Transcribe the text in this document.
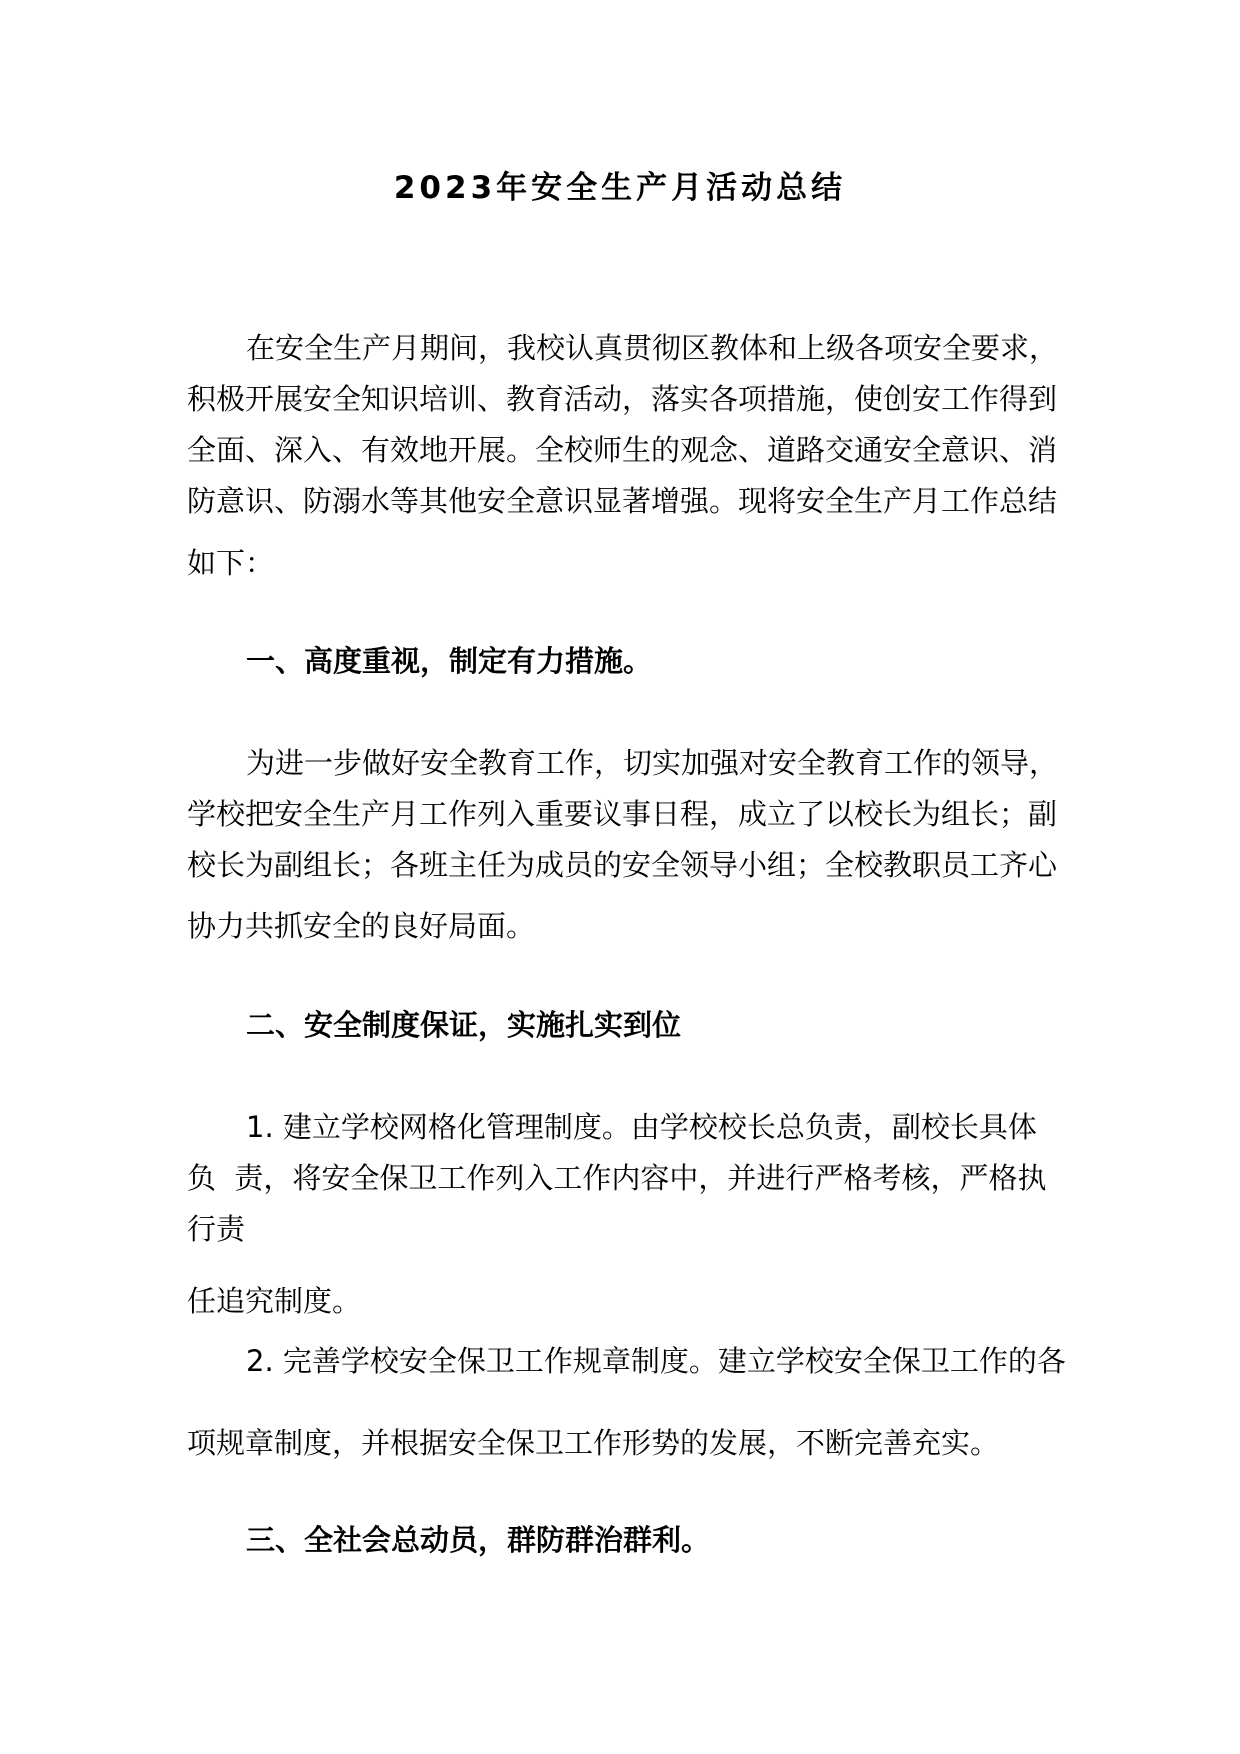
2023年安全生产月活动总结
在安全生产月期间，我校认真贯彻区教体和上级各项安全要求，
积极开展安全知识培训、教育活动，落实各项措施，使创安工作得到
全面、深入、有效地开展。全校师生的观念、道路交通安全意识、消
防意识、防溺水等其他安全意识显著增强。现将安全生产月工作总结
如下：
一、高度重视，制定有力措施。
为进一步做好安全教育工作，切实加强对安全教育工作的领导，
学校把安全生产月工作列入重要议事日程，成立了以校长为组长；副
校长为副组长；各班主任为成员的安全领导小组；全校教职员工齐心
协力共抓安全的良好局面。
二、安全制度保证，实施扎实到位
1. 建立学校网格化管理制度。由学校校长总负责，副校长具体
负  责，将安全保卫工作列入工作内容中，并进行严格考核，严格执
行责
任追究制度。
2. 完善学校安全保卫工作规章制度。建立学校安全保卫工作的各
项规章制度，并根据安全保卫工作形势的发展，不断完善充实。
三、全社会总动员，群防群治群利。
